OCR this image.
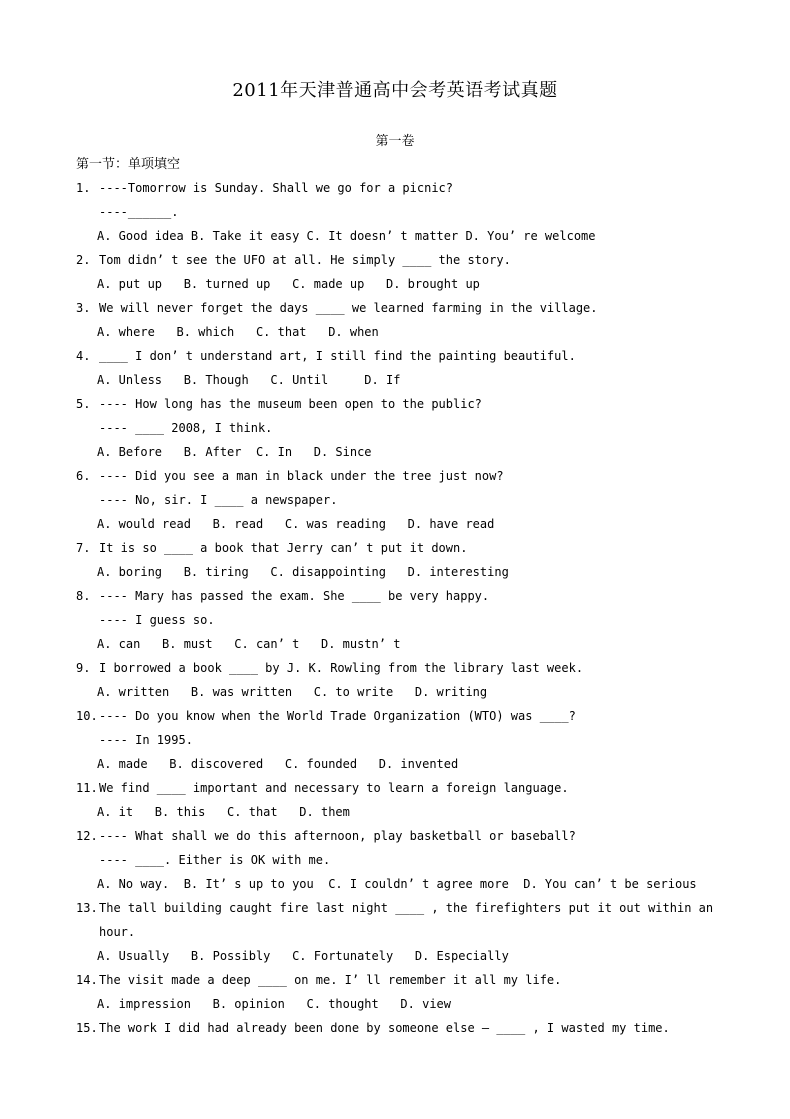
2011年天津普通高中会考英语考试真题
第一卷
第一节：单项填空
1. ----Tomorrow is Sunday. Shall we go for a picnic?
----______.
A. Good idea B. Take it easy C. It doesn’ t matter D. You’ re welcome
2. Tom didn’ t see the UFO at all. He simply ____ the story.
A. put up   B. turned up   C. made up   D. brought up
3. We will never forget the days ____ we learned farming in the village.
A. where   B. which   C. that   D. when
4. ____ I don’ t understand art, I still find the painting beautiful.
A. Unless   B. Though   C. Until     D. If
5. ---- How long has the museum been open to the public?
---- ____ 2008, I think.
A. Before   B. After  C. In   D. Since
6. ---- Did you see a man in black under the tree just now?
---- No, sir. I ____ a newspaper.
A. would read   B. read   C. was reading   D. have read
7. It is so ____ a book that Jerry can’ t put it down.
A. boring   B. tiring   C. disappointing   D. interesting
8. ---- Mary has passed the exam. She ____ be very happy.
---- I guess so.
A. can   B. must   C. can’ t   D. mustn’ t
9. I borrowed a book ____ by J. K. Rowling from the library last week.
A. written   B. was written   C. to write   D. writing
10.---- Do you know when the World Trade Organization (WTO) was ____?
---- In 1995.
A. made   B. discovered   C. founded   D. invented
11.We find ____ important and necessary to learn a foreign language.
A. it   B. this   C. that   D. them
12.---- What shall we do this afternoon, play basketball or baseball?
---- ____. Either is OK with me.
A. No way.  B. It’ s up to you  C. I couldn’ t agree more  D. You can’ t be serious
13.The tall building caught fire last night ____ , the firefighters put it out within an
hour.
A. Usually   B. Possibly   C. Fortunately   D. Especially
14.The visit made a deep ____ on me. I’ ll remember it all my life.
A. impression   B. opinion   C. thought   D. view
15.The work I did had already been done by someone else – ____ , I wasted my time.
